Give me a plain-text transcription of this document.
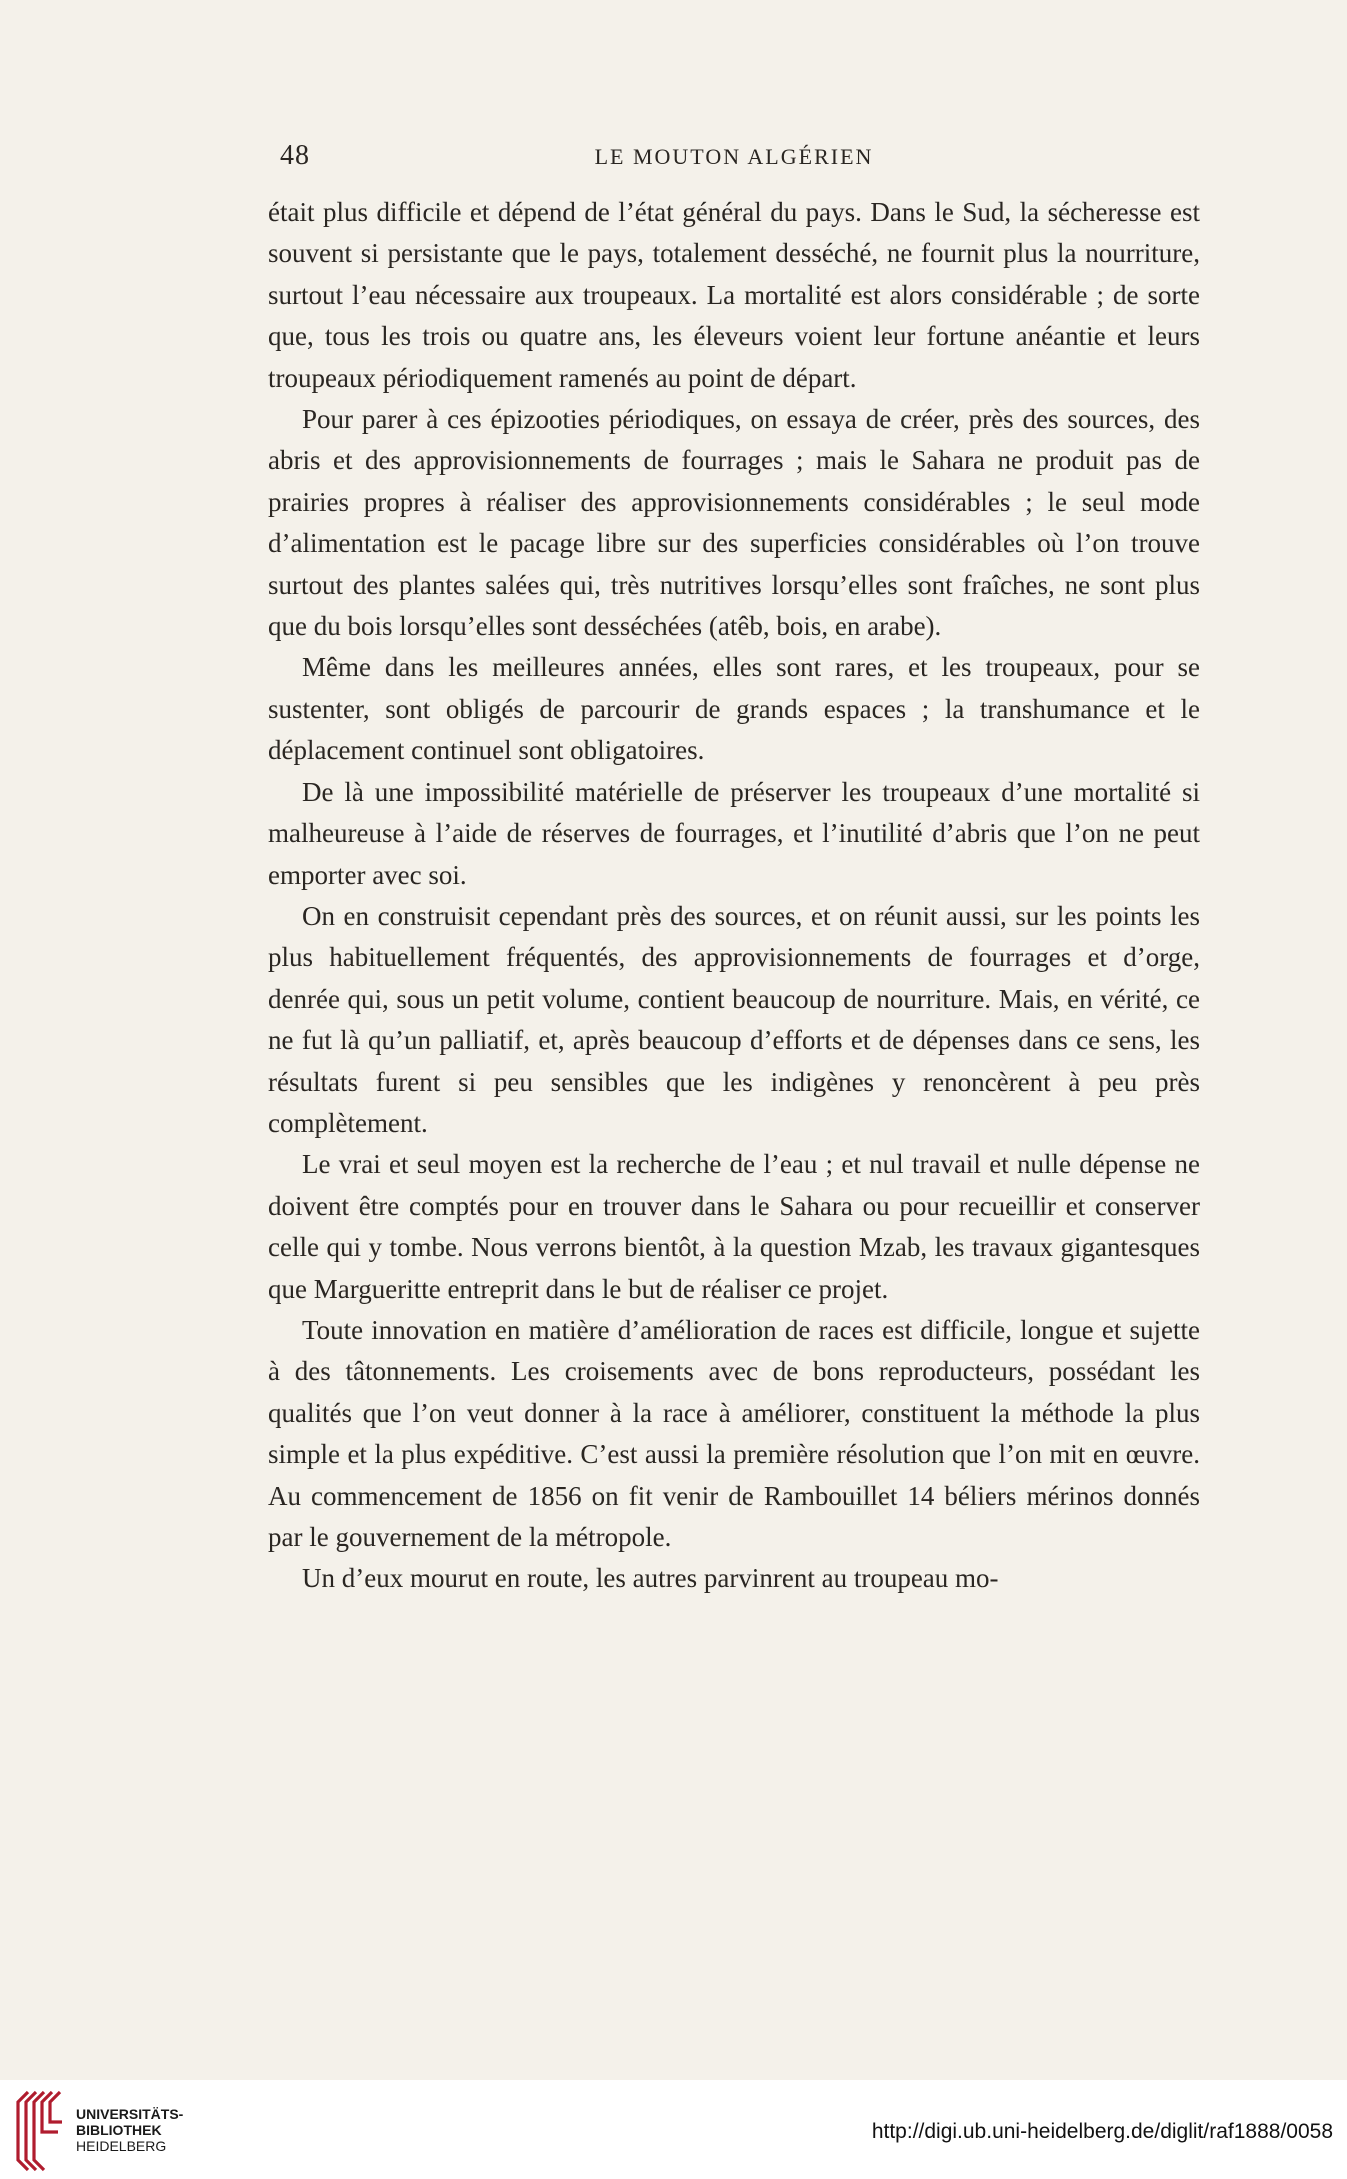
48	LE MOUTON ALGÉRIEN

était plus difficile et dépend de l’état général du pays. Dans le Sud, la sécheresse est souvent si persistante que le pays, totalement desséché, ne fournit plus la nourriture, surtout l’eau nécessaire aux troupeaux. La mortalité est alors considérable ; de sorte que, tous les trois ou quatre ans, les éleveurs voient leur fortune anéantie et leurs troupeaux périodiquement ramenés au point de départ.

Pour parer à ces épizooties périodiques, on essaya de créer, près des sources, des abris et des approvisionnements de fourrages ; mais le Sahara ne produit pas de prairies propres à réaliser des approvisionnements considérables ; le seul mode d’alimentation est le pacage libre sur des superficies considérables où l’on trouve surtout des plantes salées qui, très nutritives lorsqu’elles sont fraîches, ne sont plus que du bois lorsqu’elles sont desséchées (atêb, bois, en arabe).

Même dans les meilleures années, elles sont rares, et les troupeaux, pour se sustenter, sont obligés de parcourir de grands espaces ; la transhumance et le déplacement continuel sont obligatoires.

De là une impossibilité matérielle de préserver les troupeaux d’une mortalité si malheureuse à l’aide de réserves de fourrages, et l’inutilité d’abris que l’on ne peut emporter avec soi.

On en construisit cependant près des sources, et on réunit aussi, sur les points les plus habituellement fréquentés, des approvisionnements de fourrages et d’orge, denrée qui, sous un petit volume, contient beaucoup de nourriture. Mais, en vérité, ce ne fut là qu’un palliatif, et, après beaucoup d’efforts et de dépenses dans ce sens, les résultats furent si peu sensibles que les indigènes y renoncèrent à peu près complètement.

Le vrai et seul moyen est la recherche de l’eau ; et nul travail et nulle dépense ne doivent être comptés pour en trouver dans le Sahara ou pour recueillir et conserver celle qui y tombe. Nous verrons bientôt, à la question Mzab, les travaux gigantesques que Margueritte entreprit dans le but de réaliser ce projet.

Toute innovation en matière d’amélioration de races est difficile, longue et sujette à des tâtonnements. Les croisements avec de bons reproducteurs, possédant les qualités que l’on veut donner à la race à améliorer, constituent la méthode la plus simple et la plus expéditive. C’est aussi la première résolution que l’on mit en œuvre. Au commencement de 1856 on fit venir de Rambouillet 14 béliers mérinos donnés par le gouvernement de la métropole.

Un d’eux mourut en route, les autres parvinrent au troupeau mo-

UNIVERSITÄTS-
BIBLIOTHEK
HEIDELBERG
http://digi.ub.uni-heidelberg.de/diglit/raf1888/0058
